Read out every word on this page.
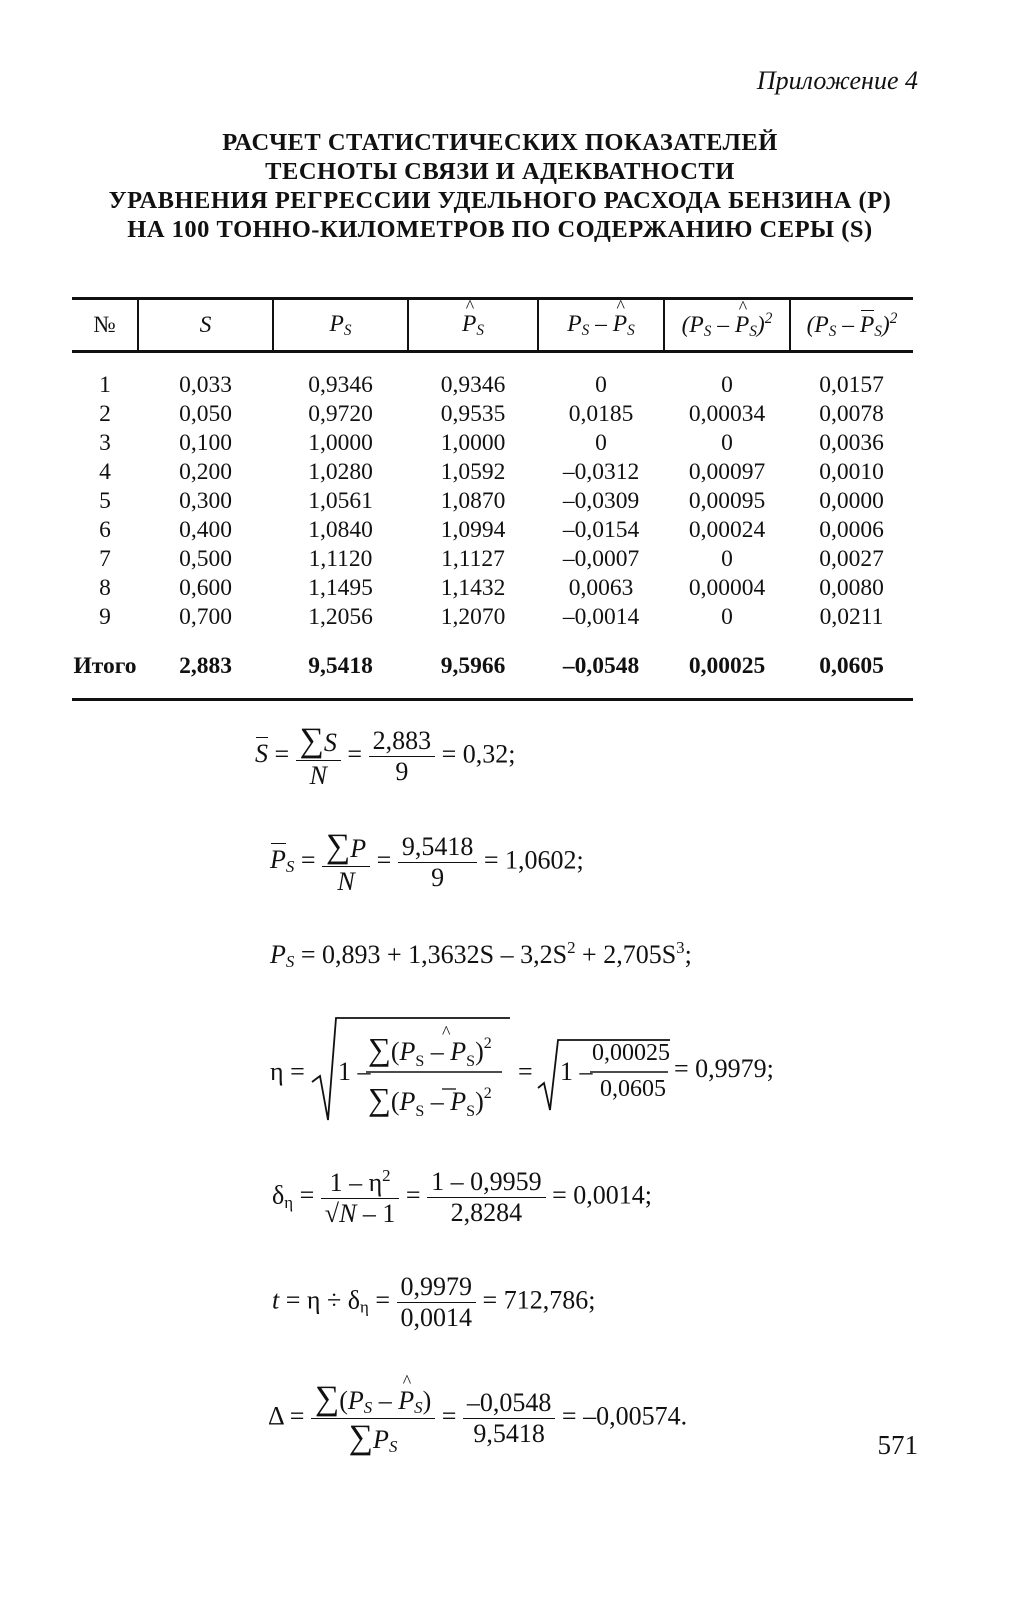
Приложение 4
РАСЧЕТ СТАТИСТИЧЕСКИХ ПОКАЗАТЕЛЕЙ
ТЕСНОТЫ СВЯЗИ И АДЕКВАТНОСТИ
УРАВНЕНИЯ РЕГРЕССИИ УДЕЛЬНОГО РАСХОДА БЕНЗИНА (P)
НА 100 ТОННО-КИЛОМЕТРОВ ПО СОДЕРЖАНИЮ СЕРЫ (S)
№	S	$P_S$	^ $P_S$	$P_S$ – ^ $P_S$	($P_S$ – ^ $P_S)^2$	$(P_S - P_S)^2$
1	0,033	0,9346	0,9346	0	0	0,0157
2	0,050	0,9720	0,9535	0,0185	0,00034	0,0078
3	0,100	1,0000	1,0000	0	0	0,0036
4	0,200	1,0280	1,0592	–0,0312	0,00097	0,0010
5	0,300	1,0561	1,0870	–0,0309	0,00095	0,0000
6	0,400	1,0840	1,0994	–0,0154	0,00024	0,0006
7	0,500	1,1120	1,1127	–0,0007	0	0,0027
8	0,600	1,1495	1,1432	0,0063	0,00004	0,0080
9	0,700	1,2056	1,2070	–0,0014	0	0,0211
Итого	2,883	9,5418	9,5966	–0,0548	0,00025	0,0605
$S = \frac{\sum S}{N} = \frac{2,883}{9} = 0,32$;
$P_S = \frac{\sum P}{N} = \frac{9,5418}{9} = 1,0602$;
$P_S = 0,893 + 1,3632S - 3,2S^2 + 2,705S^3$;
η = 1 –
$\sum(P_S - P_S)^2$
^
$\sum(P_S - P_S)^2$
= 1 –
0,00025
0,0605
= 0,9979;
$\delta_\eta = \frac{1 - \eta^2}{√N - 1} = \frac{1 - 0,9959}{2,8284} = 0,0014$;
$t = \eta \div \delta_\eta = \frac{0,9979}{0,0014} = 712,786$;
$\Delta = \frac{\sum(P_S - \^{} P_S)}{\sum P_S} = \frac{-0,0548}{9,5418} = -0,00574$.
571
